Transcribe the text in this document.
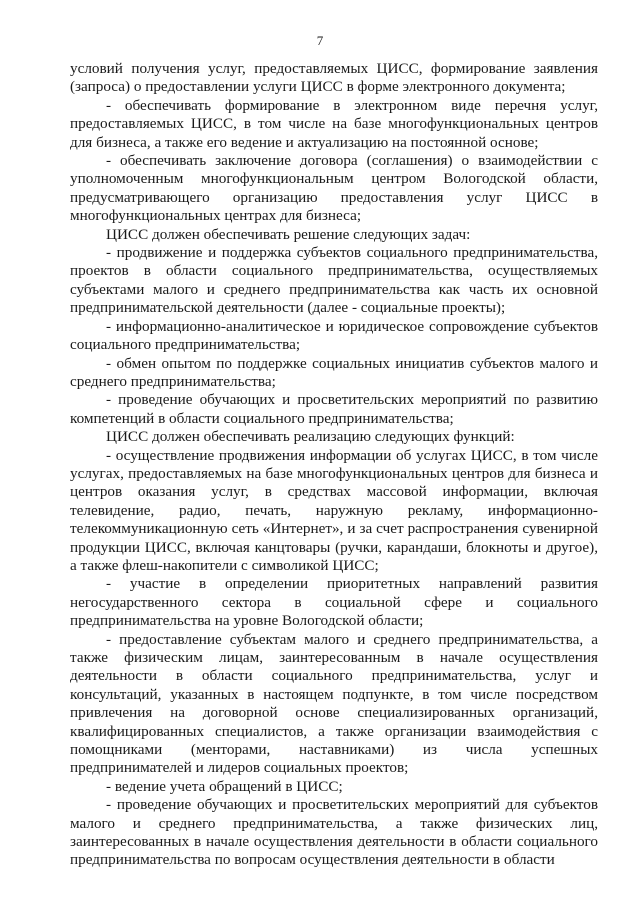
7

условий получения услуг, предоставляемых ЦИСС, формирование заявления (запроса) о предоставлении услуги ЦИСС в форме электронного документа;

- обеспечивать формирование в электронном виде перечня услуг, предоставляемых ЦИСС, в том числе на базе многофункциональных центров для бизнеса, а также его ведение и актуализацию на постоянной основе;

- обеспечивать заключение договора (соглашения) о взаимодействии с уполномоченным многофункциональным центром Вологодской области, предусматривающего организацию предоставления услуг ЦИСС в многофункциональных центрах для бизнеса;

ЦИСС должен обеспечивать решение следующих задач:

- продвижение и поддержка субъектов социального предпринимательства, проектов в области социального предпринимательства, осуществляемых субъектами малого и среднего предпринимательства как часть их основной предпринимательской деятельности (далее - социальные проекты);

- информационно-аналитическое и юридическое сопровождение субъектов социального предпринимательства;

- обмен опытом по поддержке социальных инициатив субъектов малого и среднего предпринимательства;

- проведение обучающих и просветительских мероприятий по развитию компетенций в области социального предпринимательства;

ЦИСС должен обеспечивать реализацию следующих функций:

- осуществление продвижения информации об услугах ЦИСС, в том числе услугах, предоставляемых на базе многофункциональных центров для бизнеса и центров оказания услуг, в средствах массовой информации, включая телевидение, радио, печать, наружную рекламу, информационно-телекоммуникационную сеть «Интернет», и за счет распространения сувенирной продукции ЦИСС, включая канцтовары (ручки, карандаши, блокноты и другое), а также флеш-накопители с символикой ЦИСС;

- участие в определении приоритетных направлений развития негосударственного сектора в социальной сфере и социального предпринимательства на уровне Вологодской области;

- предоставление субъектам малого и среднего предпринимательства, а также физическим лицам, заинтересованным в начале осуществления деятельности в области социального предпринимательства, услуг и консультаций, указанных в настоящем подпункте, в том числе посредством привлечения на договорной основе специализированных организаций, квалифицированных специалистов, а также организации взаимодействия с помощниками (менторами, наставниками) из числа успешных предпринимателей и лидеров социальных проектов;

- ведение учета обращений в ЦИСС;

- проведение обучающих и просветительских мероприятий для субъектов малого и среднего предпринимательства, а также физических лиц, заинтересованных в начале осуществления деятельности в области социального предпринимательства по вопросам осуществления деятельности в области
